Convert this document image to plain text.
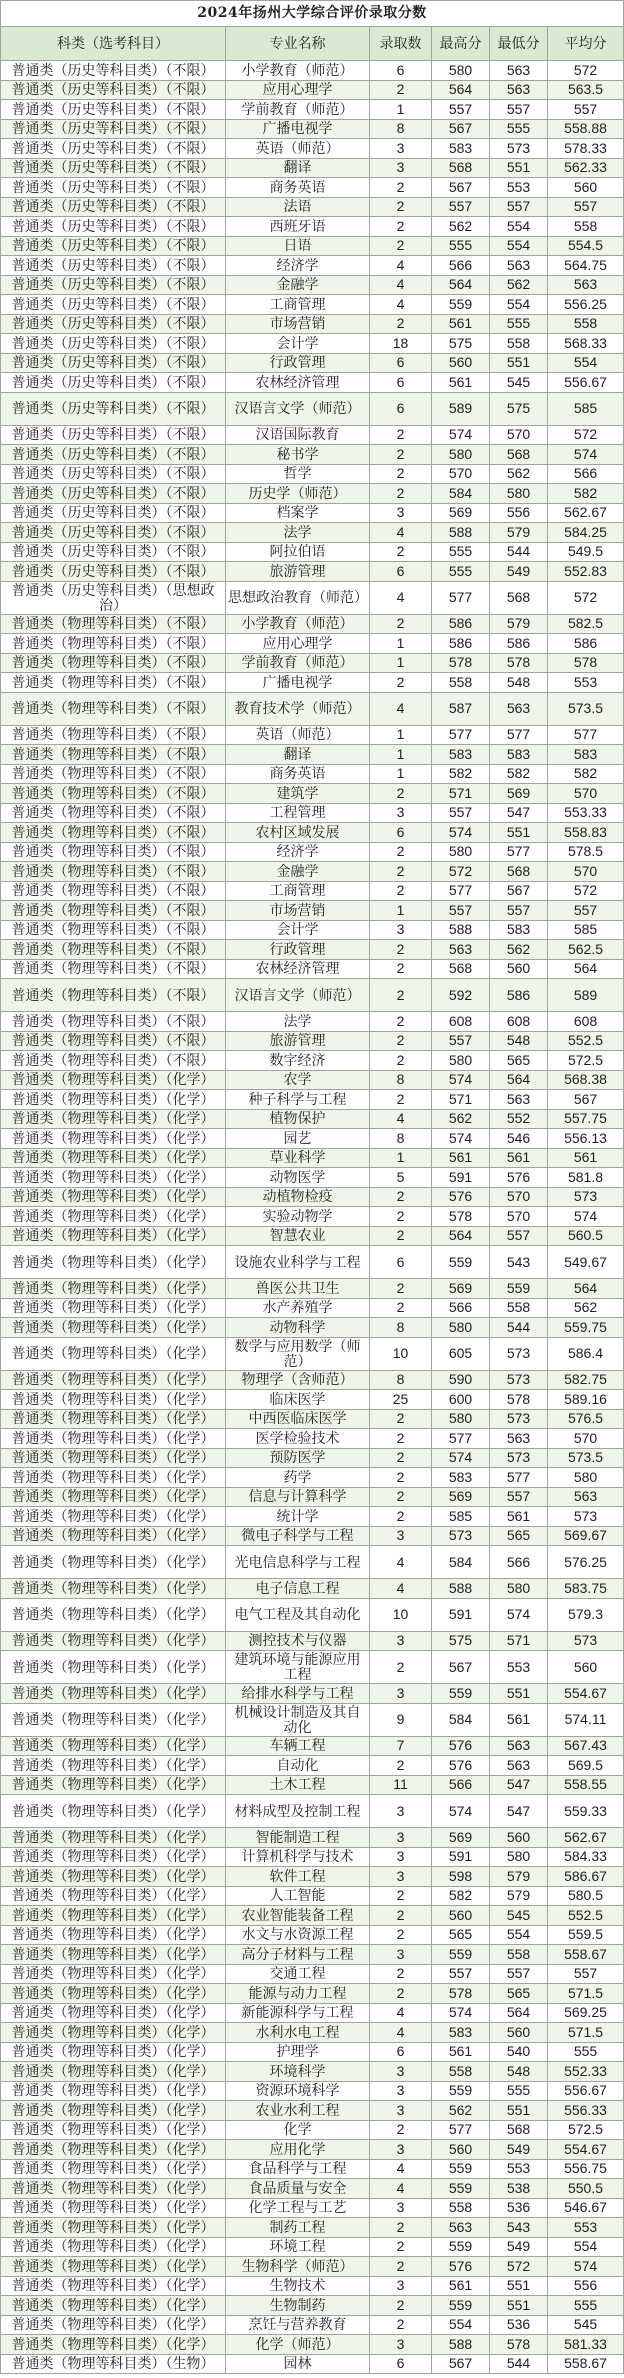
2024年扬州大学综合评价录取分数					
科类（选考科目）	专业名称	录取数	最高分	最低分	平均分
普通类（历史等科目类）（不限）	小学教育（师范）	6	580	563	572
普通类（历史等科目类）（不限）	应用心理学	2	564	563	563.5
普通类（历史等科目类）（不限）	学前教育（师范）	1	557	557	557
普通类（历史等科目类）（不限）	广播电视学	8	567	555	558.88
普通类（历史等科目类）（不限）	英语（师范）	3	583	573	578.33
普通类（历史等科目类）（不限）	翻译	3	568	551	562.33
普通类（历史等科目类）（不限）	商务英语	2	567	553	560
普通类（历史等科目类）（不限）	法语	2	557	557	557
普通类（历史等科目类）（不限）	西班牙语	2	562	554	558
普通类（历史等科目类）（不限）	日语	2	555	554	554.5
普通类（历史等科目类）（不限）	经济学	4	566	563	564.75
普通类（历史等科目类）（不限）	金融学	4	564	562	563
普通类（历史等科目类）（不限）	工商管理	4	559	554	556.25
普通类（历史等科目类）（不限）	市场营销	2	561	555	558
普通类（历史等科目类）（不限）	会计学	18	575	558	568.33
普通类（历史等科目类）（不限）	行政管理	6	560	551	554
普通类（历史等科目类）（不限）	农林经济管理	6	561	545	556.67
普通类（历史等科目类）（不限）	汉语言文学（师范）	6	589	575	585
普通类（历史等科目类）（不限）	汉语国际教育	2	574	570	572
普通类（历史等科目类）（不限）	秘书学	2	580	568	574
普通类（历史等科目类）（不限）	哲学	2	570	562	566
普通类（历史等科目类）（不限）	历史学（师范）	2	584	580	582
普通类（历史等科目类）（不限）	档案学	3	569	556	562.67
普通类（历史等科目类）（不限）	法学	4	588	579	584.25
普通类（历史等科目类）（不限）	阿拉伯语	2	555	544	549.5
普通类（历史等科目类）（不限）	旅游管理	6	555	549	552.83
普通类（历史等科目类）（思想政治）	思想政治教育（师范）	4	577	568	572
普通类（物理等科目类）（不限）	小学教育（师范）	2	586	579	582.5
普通类（物理等科目类）（不限）	应用心理学	1	586	586	586
普通类（物理等科目类）（不限）	学前教育（师范）	1	578	578	578
普通类（物理等科目类）（不限）	广播电视学	2	558	548	553
普通类（物理等科目类）（不限）	教育技术学（师范）	4	587	563	573.5
普通类（物理等科目类）（不限）	英语（师范）	1	577	577	577
普通类（物理等科目类）（不限）	翻译	1	583	583	583
普通类（物理等科目类）（不限）	商务英语	1	582	582	582
普通类（物理等科目类）（不限）	建筑学	2	571	569	570
普通类（物理等科目类）（不限）	工程管理	3	557	547	553.33
普通类（物理等科目类）（不限）	农村区域发展	6	574	551	558.83
普通类（物理等科目类）（不限）	经济学	2	580	577	578.5
普通类（物理等科目类）（不限）	金融学	2	572	568	570
普通类（物理等科目类）（不限）	工商管理	2	577	567	572
普通类（物理等科目类）（不限）	市场营销	1	557	557	557
普通类（物理等科目类）（不限）	会计学	3	588	583	585
普通类（物理等科目类）（不限）	行政管理	2	563	562	562.5
普通类（物理等科目类）（不限）	农林经济管理	2	568	560	564
普通类（物理等科目类）（不限）	汉语言文学（师范）	2	592	586	589
普通类（物理等科目类）（不限）	法学	2	608	608	608
普通类（物理等科目类）（不限）	旅游管理	2	557	548	552.5
普通类（物理等科目类）（不限）	数字经济	2	580	565	572.5
普通类（物理等科目类）（化学）	农学	8	574	564	568.38
普通类（物理等科目类）（化学）	种子科学与工程	2	571	563	567
普通类（物理等科目类）（化学）	植物保护	4	562	552	557.75
普通类（物理等科目类）（化学）	园艺	8	574	546	556.13
普通类（物理等科目类）（化学）	草业科学	1	561	561	561
普通类（物理等科目类）（化学）	动物医学	5	591	576	581.8
普通类（物理等科目类）（化学）	动植物检疫	2	576	570	573
普通类（物理等科目类）（化学）	实验动物学	2	578	570	574
普通类（物理等科目类）（化学）	智慧农业	2	564	557	560.5
普通类（物理等科目类）（化学）	设施农业科学与工程	6	559	543	549.67
普通类（物理等科目类）（化学）	兽医公共卫生	2	569	559	564
普通类（物理等科目类）（化学）	水产养殖学	2	566	558	562
普通类（物理等科目类）（化学）	动物科学	8	580	544	559.75
普通类（物理等科目类）（化学）	数学与应用数学（师范）	10	605	573	586.4
普通类（物理等科目类）（化学）	物理学（含师范）	8	590	573	582.75
普通类（物理等科目类）（化学）	临床医学	25	600	578	589.16
普通类（物理等科目类）（化学）	中西医临床医学	2	580	573	576.5
普通类（物理等科目类）（化学）	医学检验技术	2	577	563	570
普通类（物理等科目类）（化学）	预防医学	2	574	573	573.5
普通类（物理等科目类）（化学）	药学	2	583	577	580
普通类（物理等科目类）（化学）	信息与计算科学	2	569	557	563
普通类（物理等科目类）（化学）	统计学	2	585	561	573
普通类（物理等科目类）（化学）	微电子科学与工程	3	573	565	569.67
普通类（物理等科目类）（化学）	光电信息科学与工程	4	584	566	576.25
普通类（物理等科目类）（化学）	电子信息工程	4	588	580	583.75
普通类（物理等科目类）（化学）	电气工程及其自动化	10	591	574	579.3
普通类（物理等科目类）（化学）	测控技术与仪器	3	575	571	573
普通类（物理等科目类）（化学）	建筑环境与能源应用工程	2	567	553	560
普通类（物理等科目类）（化学）	给排水科学与工程	3	559	551	554.67
普通类（物理等科目类）（化学）	机械设计制造及其自动化	9	584	561	574.11
普通类（物理等科目类）（化学）	车辆工程	7	576	563	567.43
普通类（物理等科目类）（化学）	自动化	2	576	563	569.5
普通类（物理等科目类）（化学）	土木工程	11	566	547	558.55
普通类（物理等科目类）（化学）	材料成型及控制工程	3	574	547	559.33
普通类（物理等科目类）（化学）	智能制造工程	3	569	560	562.67
普通类（物理等科目类）（化学）	计算机科学与技术	3	591	580	584.33
普通类（物理等科目类）（化学）	软件工程	3	598	579	586.67
普通类（物理等科目类）（化学）	人工智能	2	582	579	580.5
普通类（物理等科目类）（化学）	农业智能装备工程	2	560	545	552.5
普通类（物理等科目类）（化学）	水文与水资源工程	2	565	554	559.5
普通类（物理等科目类）（化学）	高分子材料与工程	3	559	558	558.67
普通类（物理等科目类）（化学）	交通工程	2	557	557	557
普通类（物理等科目类）（化学）	能源与动力工程	2	578	565	571.5
普通类（物理等科目类）（化学）	新能源科学与工程	4	574	564	569.25
普通类（物理等科目类）（化学）	水利水电工程	4	583	560	571.5
普通类（物理等科目类）（化学）	护理学	6	561	540	555
普通类（物理等科目类）（化学）	环境科学	3	558	548	552.33
普通类（物理等科目类）（化学）	资源环境科学	3	559	555	556.67
普通类（物理等科目类）（化学）	农业水利工程	3	562	551	556.33
普通类（物理等科目类）（化学）	化学	2	577	568	572.5
普通类（物理等科目类）（化学）	应用化学	3	560	549	554.67
普通类（物理等科目类）（化学）	食品科学与工程	4	559	553	556.75
普通类（物理等科目类）（化学）	食品质量与安全	4	559	538	550.5
普通类（物理等科目类）（化学）	化学工程与工艺	3	558	536	546.67
普通类（物理等科目类）（化学）	制药工程	2	563	543	553
普通类（物理等科目类）（化学）	环境工程	2	559	549	554
普通类（物理等科目类）（化学）	生物科学（师范）	2	576	572	574
普通类（物理等科目类）（化学）	生物技术	3	561	551	556
普通类（物理等科目类）（化学）	生物制药	2	559	551	555
普通类（物理等科目类）（化学）	烹饪与营养教育	2	554	536	545
普通类（物理等科目类）（化学）	化学（师范）	3	588	578	581.33
普通类（物理等科目类）（生物）	园林	6	567	544	558.67
